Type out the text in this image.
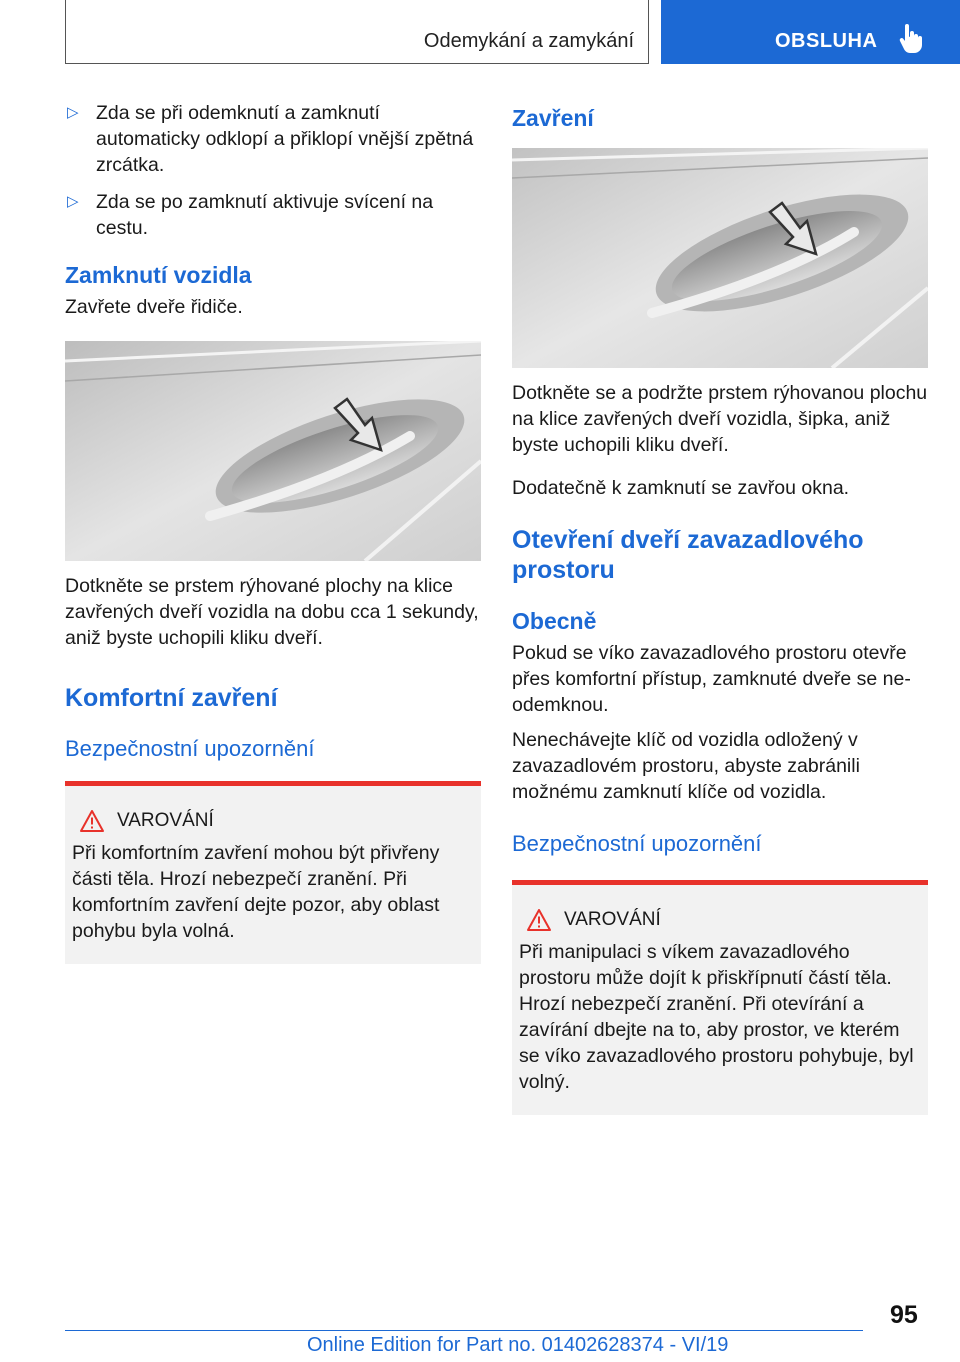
Odemykání a zamykání	OBSLUHA
▷ Zda se při odemknutí a zamknutí automaticky odklopí a přiklopí vnější zpětná zrcátka.
▷ Zda se po zamknutí aktivuje svícení na cestu.
Zamknutí vozidla

Zavřete dveře řidiče.

Dotkněte se prstem rýhované plochy na klice zavřených dveří vozidla na dobu cca 1 sekundy, aniž byste uchopili kliku dveří.

Komfortní zavření
Bezpečnostní upozornění
VAROVÁNÍ
Při komfortním zavření mohou být přivřeny části těla. Hrozí nebezpečí zranění. Při komfortním zavření dejte pozor, aby oblast pohybu byla volná.
Zavření

Dotkněte se a podržte prstem rýhovanou plochu na klice zavřených dveří vozidla, šipka, aniž byste uchopili kliku dveří.

Dodatečně k zamknutí se zavřou okna.

Otevření dveří zavazadlového prostoru
Obecně

Pokud se víko zavazadlového prostoru otevře přes komfortní přístup, zamknuté dveře se neodemknou.

Nenechávejte klíč od vozidla odložený v zavazadlovém prostoru, abyste zabránili možnému zamknutí klíče od vozidla.

Bezpečnostní upozornění
VAROVÁNÍ
Při manipulaci s víkem zavazadlového prostoru může dojít k přiskřípnutí částí těla. Hrozí nebezpečí zranění. Při otevírání a zavírání dbejte na to, aby prostor, ve kterém se víko zavazadlového prostoru pohybuje, byl volný.
95
Online Edition for Part no. 01402628374 - VI/19
